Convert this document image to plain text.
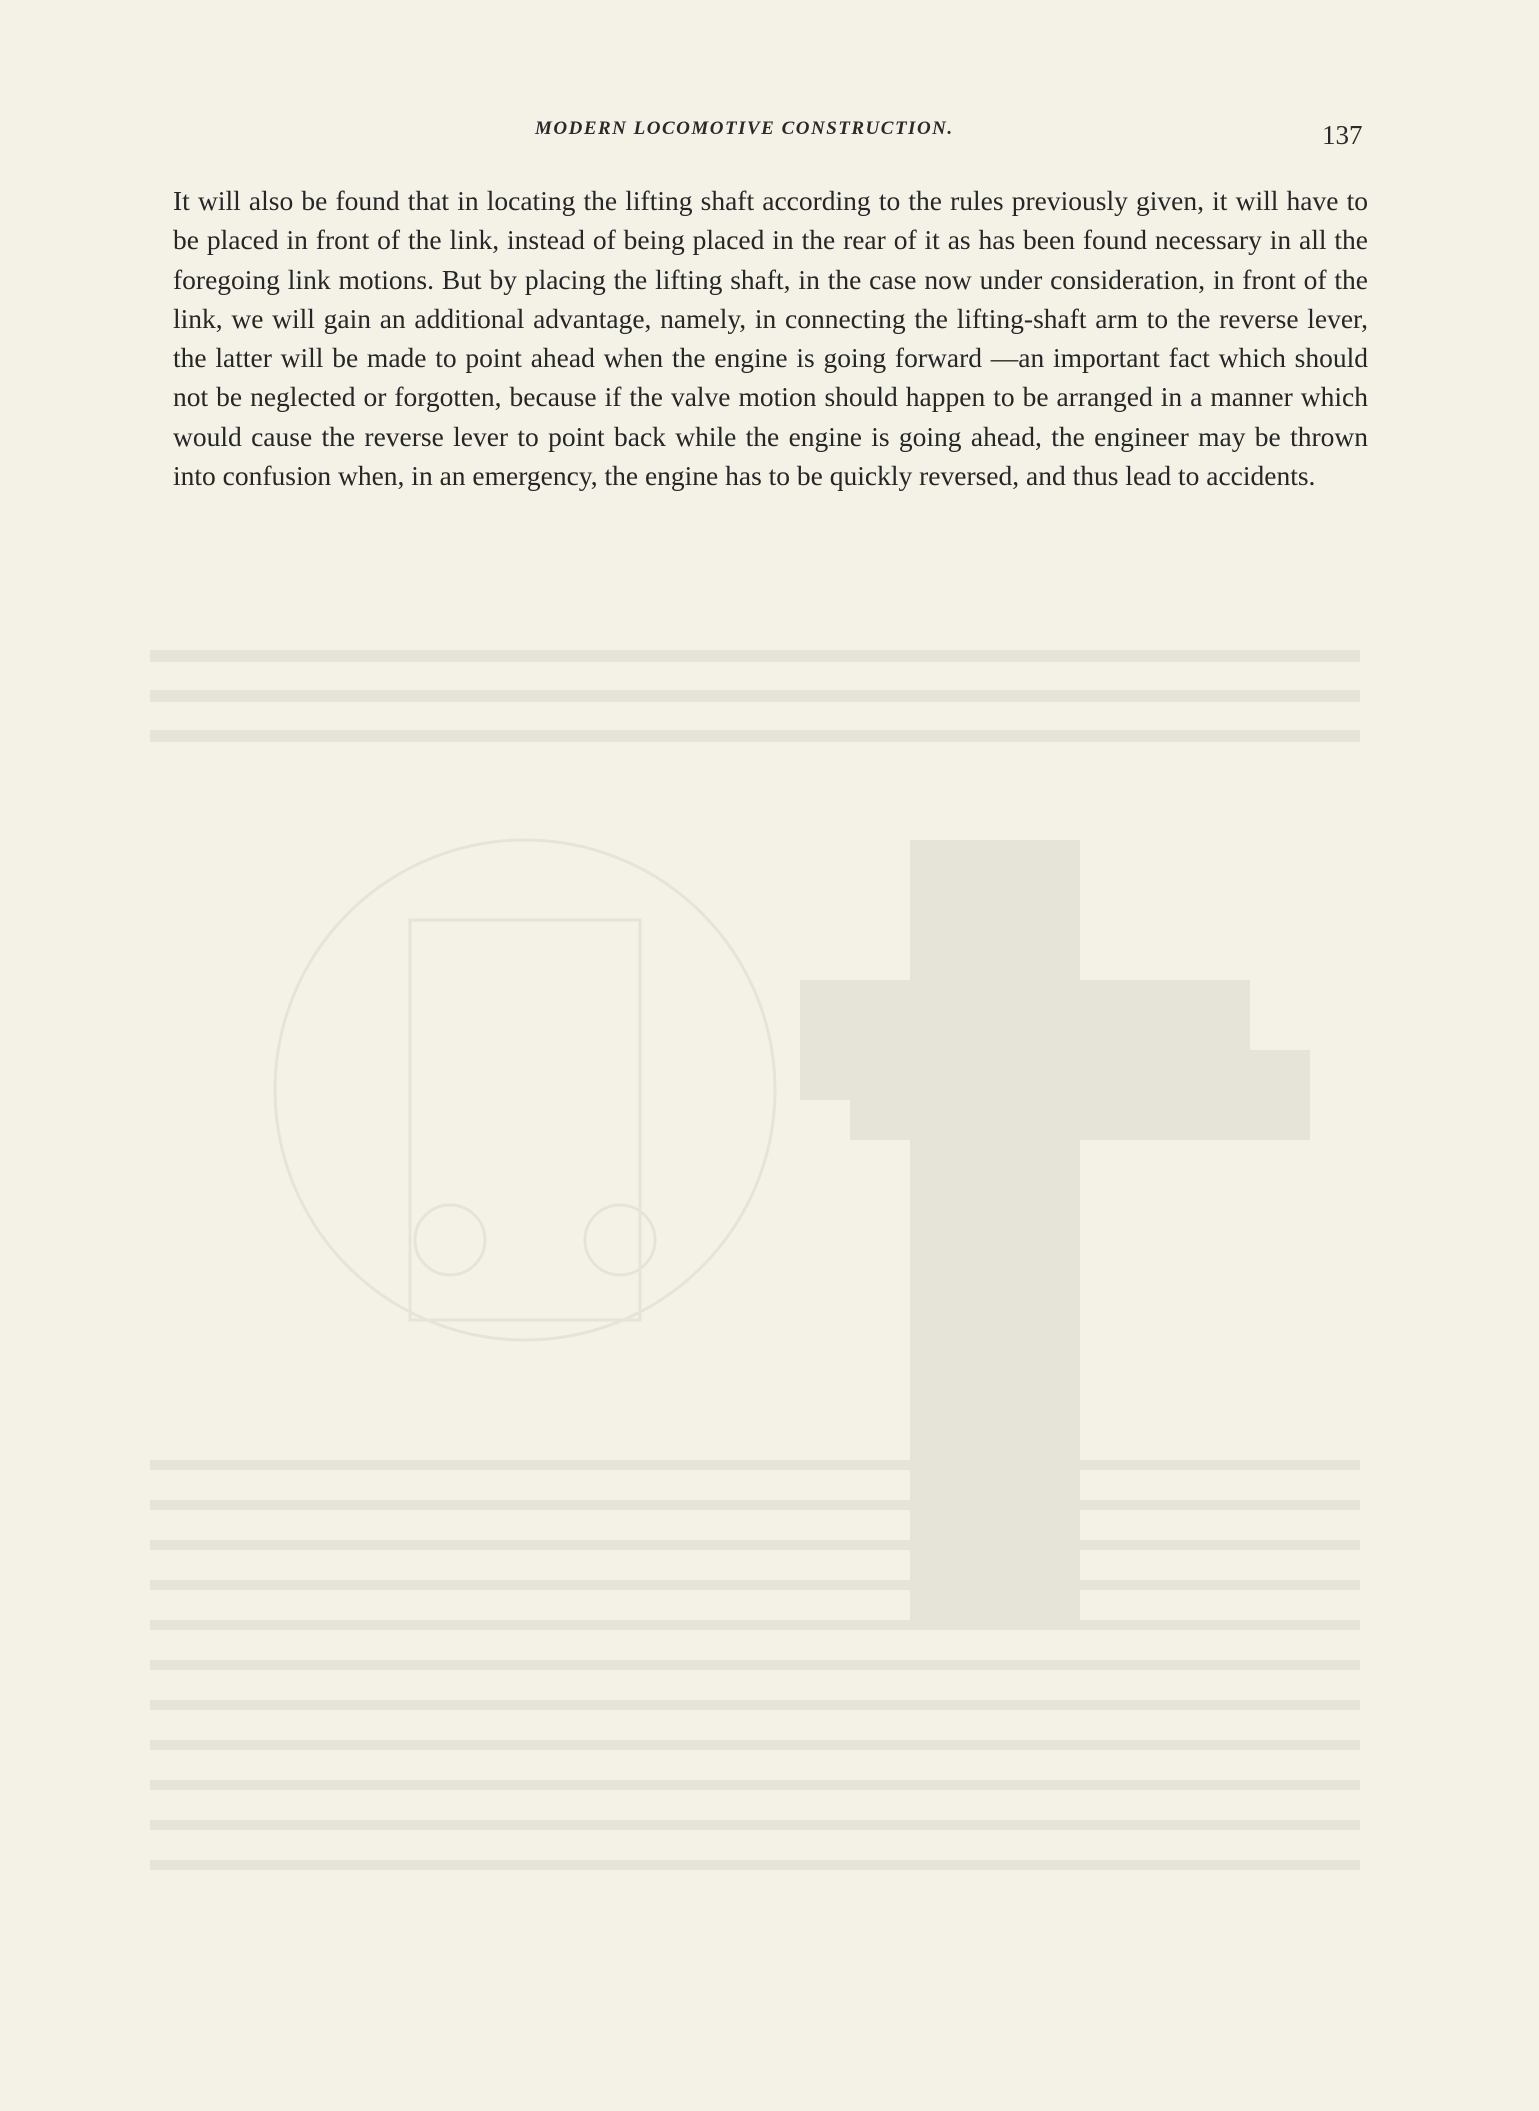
MODERN LOCOMOTIVE CONSTRUCTION.	137

It will also be found that in locating the lifting shaft according to the rules previously given, it will have to be placed in front of the link, instead of being placed in the rear of it as has been found necessary in all the foregoing link motions. But by placing the lifting shaft, in the case now under consideration, in front of the link, we will gain an additional advantage, namely, in connecting the lifting-shaft arm to the reverse lever, the latter will be made to point ahead when the engine is going forward —an important fact which should not be neglected or forgotten, because if the valve motion should happen to be arranged in a manner which would cause the reverse lever to point back while the engine is going ahead, the engineer may be thrown into confusion when, in an emergency, the engine has to be quickly reversed, and thus lead to accidents.
